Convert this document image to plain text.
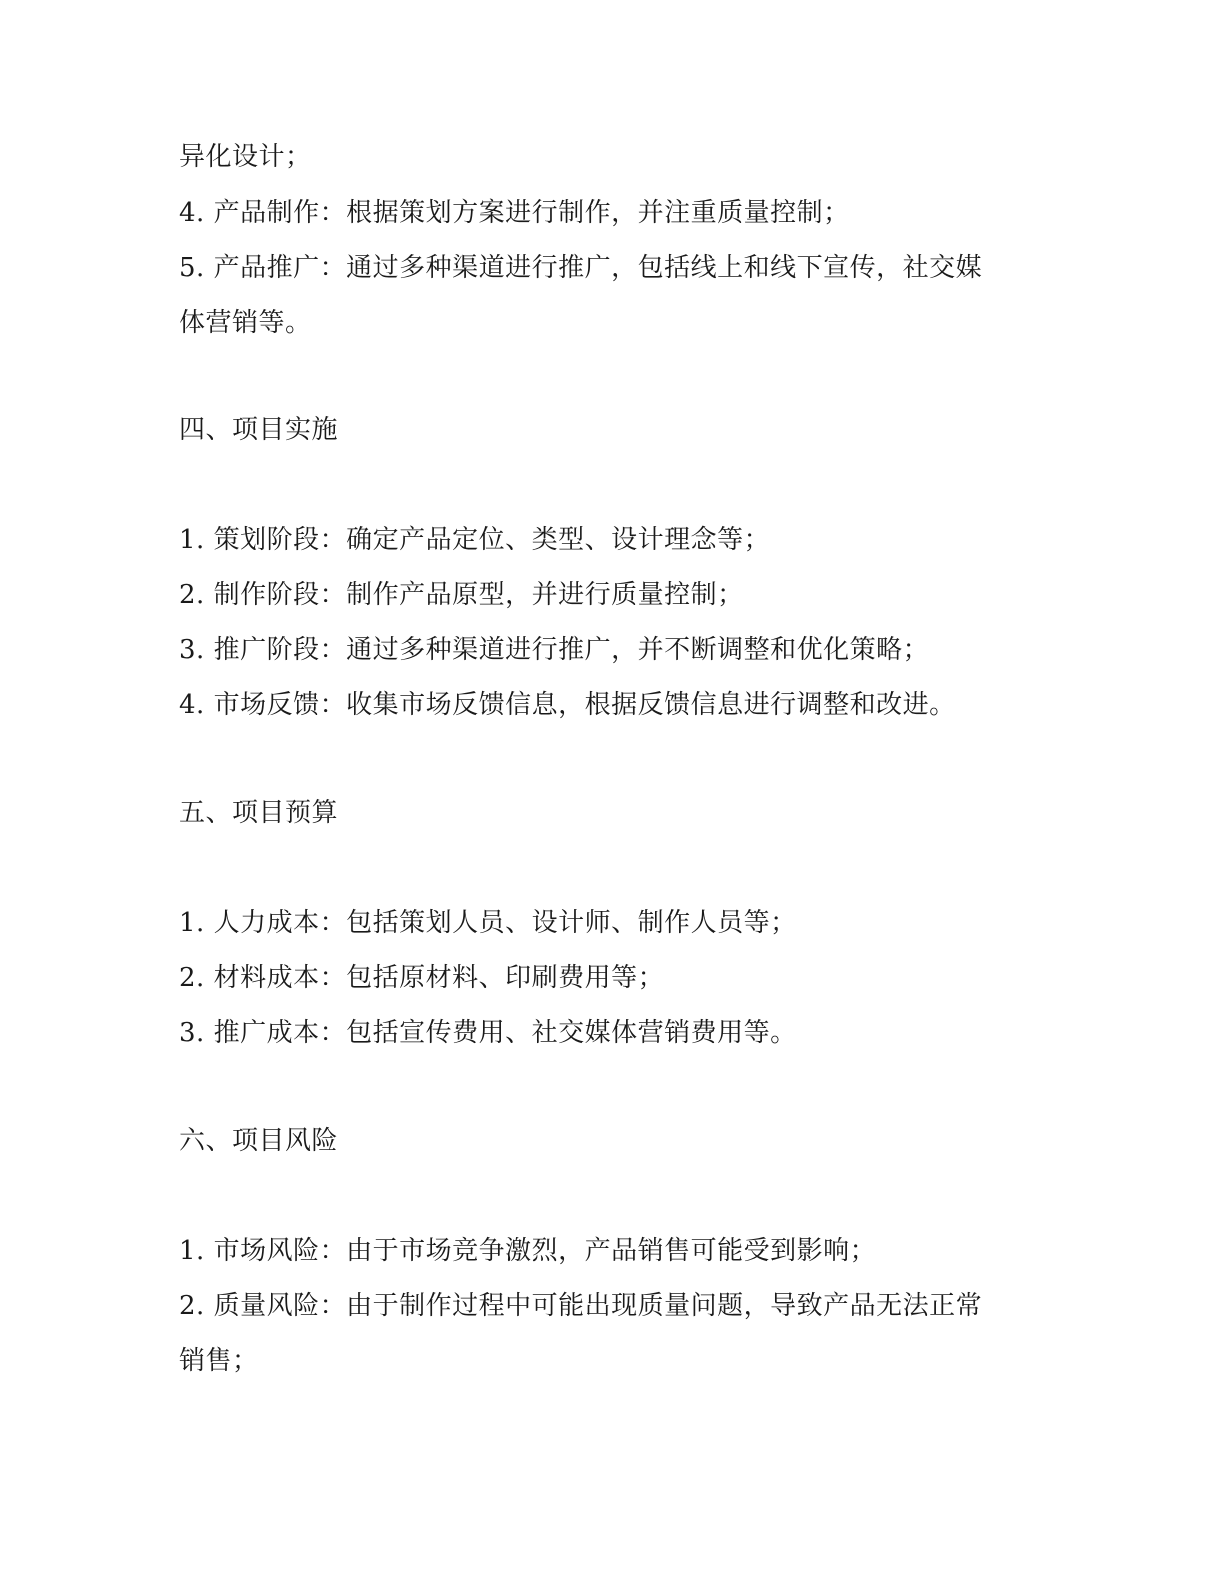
异化设计；
4. 产品制作：根据策划方案进行制作，并注重质量控制；
5. 产品推广：通过多种渠道进行推广，包括线上和线下宣传，社交媒
体营销等。
四、项目实施
1. 策划阶段：确定产品定位、类型、设计理念等；
2. 制作阶段：制作产品原型，并进行质量控制；
3. 推广阶段：通过多种渠道进行推广，并不断调整和优化策略；
4. 市场反馈：收集市场反馈信息，根据反馈信息进行调整和改进。
五、项目预算
1. 人力成本：包括策划人员、设计师、制作人员等；
2. 材料成本：包括原材料、印刷费用等；
3. 推广成本：包括宣传费用、社交媒体营销费用等。
六、项目风险
1. 市场风险：由于市场竞争激烈，产品销售可能受到影响；
2. 质量风险：由于制作过程中可能出现质量问题，导致产品无法正常
销售；
